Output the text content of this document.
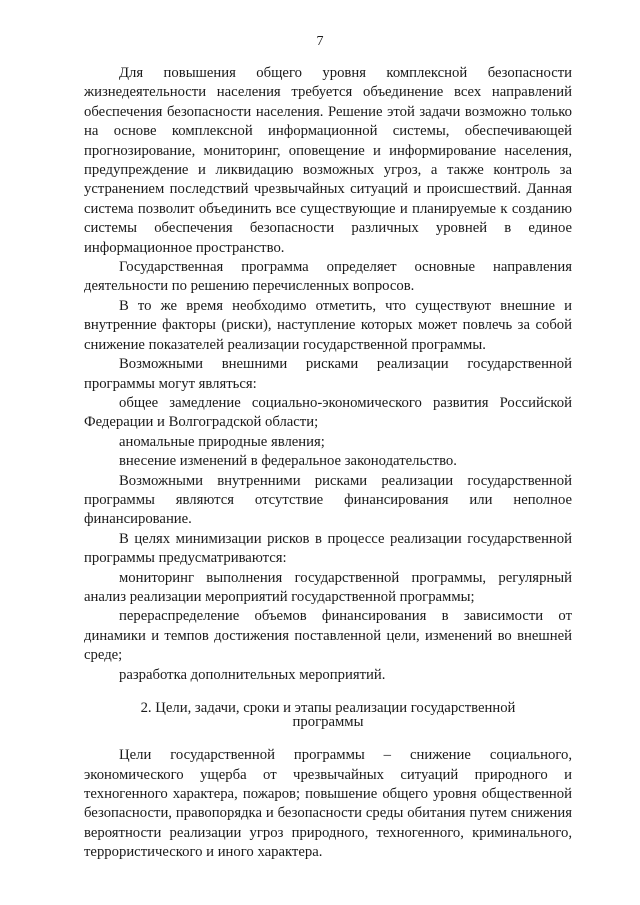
7

Для повышения общего уровня комплексной безопасности жизнедеятельности населения требуется объединение всех направлений обеспечения безопасности населения. Решение этой задачи возможно только на основе комплексной информационной системы, обеспечивающей прогнозирование, мониторинг, оповещение и информирование населения, предупреждение и ликвидацию возможных угроз, а также контроль за устранением последствий чрезвычайных ситуаций и происшествий. Данная система позволит объединить все существующие и планируемые к созданию системы обеспечения безопасности различных уровней в единое информационное пространство.

Государственная программа определяет основные направления деятельности по решению перечисленных вопросов.

В то же время необходимо отметить, что существуют внешние и внутренние факторы (риски), наступление которых может повлечь за собой снижение показателей реализации государственной программы.

Возможными внешними рисками реализации государственной программы могут являться:

общее замедление социально-экономического развития Российской Федерации и Волгоградской области;

аномальные природные явления;

внесение изменений в федеральное законодательство.

Возможными внутренними рисками реализации государственной программы являются отсутствие финансирования или неполное финансирование.

В целях минимизации рисков в процессе реализации государственной программы предусматриваются:

мониторинг выполнения государственной программы, регулярный анализ реализации мероприятий государственной программы;

перераспределение объемов финансирования в зависимости от динамики и темпов достижения поставленной цели, изменений во внешней среде;

разработка дополнительных мероприятий.

2. Цели, задачи, сроки и этапы реализации государственной
программы

Цели государственной программы – снижение социального, экономического ущерба от чрезвычайных ситуаций природного и техногенного характера, пожаров; повышение общего уровня общественной безопасности, правопорядка и безопасности среды обитания путем снижения вероятности реализации угроз природного, техногенного, криминального, террористического и иного характера.
